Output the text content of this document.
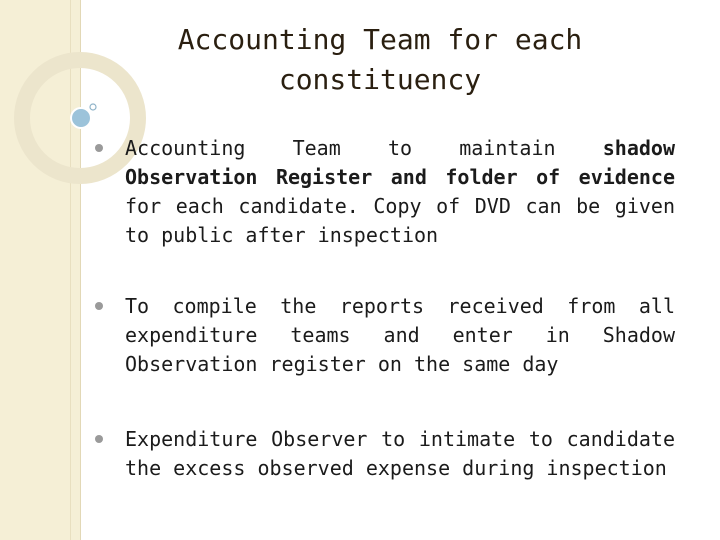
Accounting Team for each constituency
Accounting Team to maintain shadow Observation Register and folder of evidence for each candidate. Copy of DVD can be given to public after inspection
To compile the reports received from all expenditure teams and enter in Shadow Observation register on the same day
Expenditure Observer to intimate to candidate the excess observed expense during inspection
